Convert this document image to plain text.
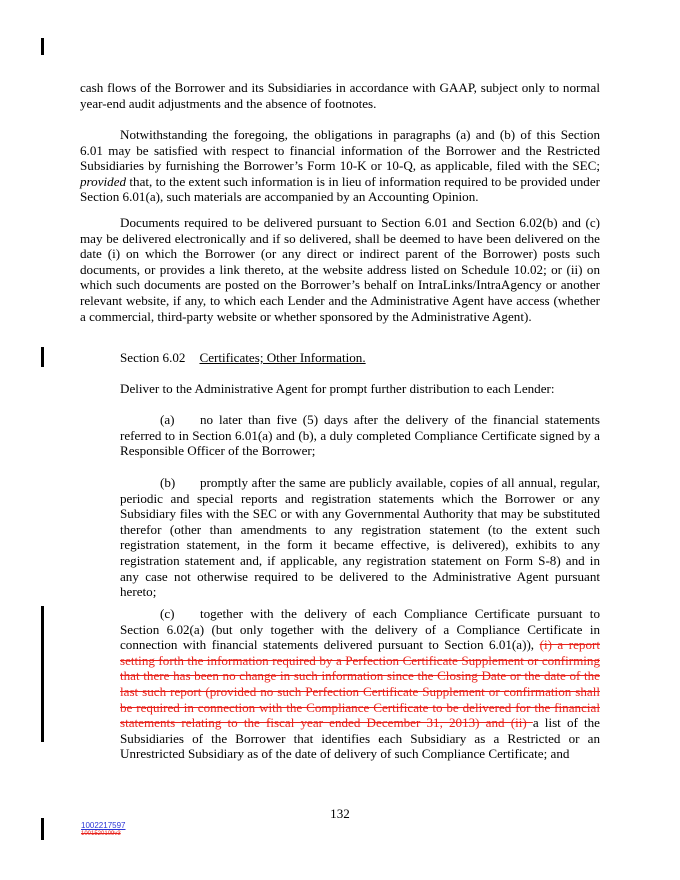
cash flows of the Borrower and its Subsidiaries in accordance with GAAP, subject only to normal year-end audit adjustments and the absence of footnotes.

Notwithstanding the foregoing, the obligations in paragraphs (a) and (b) of this Section 6.01 may be satisfied with respect to financial information of the Borrower and the Restricted Subsidiaries by furnishing the Borrower’s Form 10-K or 10-Q, as applicable, filed with the SEC; provided that, to the extent such information is in lieu of information required to be provided under Section 6.01(a), such materials are accompanied by an Accounting Opinion.

Documents required to be delivered pursuant to Section 6.01 and Section 6.02(b) and (c) may be delivered electronically and if so delivered, shall be deemed to have been delivered on the date (i) on which the Borrower (or any direct or indirect parent of the Borrower) posts such documents, or provides a link thereto, at the website address listed on Schedule 10.02; or (ii) on which such documents are posted on the Borrower’s behalf on IntraLinks/IntraAgency or another relevant website, if any, to which each Lender and the Administrative Agent have access (whether a commercial, third-party website or whether sponsored by the Administrative Agent).

Section 6.02 Certificates; Other Information.

Deliver to the Administrative Agent for prompt further distribution to each Lender:

(a) no later than five (5) days after the delivery of the financial statements referred to in Section 6.01(a) and (b), a duly completed Compliance Certificate signed by a Responsible Officer of the Borrower;

(b) promptly after the same are publicly available, copies of all annual, regular, periodic and special reports and registration statements which the Borrower or any Subsidiary files with the SEC or with any Governmental Authority that may be substituted therefor (other than amendments to any registration statement (to the extent such registration statement, in the form it became effective, is delivered), exhibits to any registration statement and, if applicable, any registration statement on Form S-8) and in any case not otherwise required to be delivered to the Administrative Agent pursuant hereto;

(c) together with the delivery of each Compliance Certificate pursuant to Section 6.02(a) (but only together with the delivery of a Compliance Certificate in connection with financial statements delivered pursuant to Section 6.01(a)), (i) a report setting forth the information required by a Perfection Certificate Supplement or confirming that there has been no change in such information since the Closing Date or the date of the last such report (provided no such Perfection Certificate Supplement or confirmation shall be required in connection with the Compliance Certificate to be delivered for the financial statements relating to the fiscal year ended December 31, 2013) and (ii) a list of the Subsidiaries of the Borrower that identifies each Subsidiary as a Restricted or an Unrestricted Subsidiary as of the date of delivery of such Compliance Certificate; and

132
1002217597
1001520109v3
